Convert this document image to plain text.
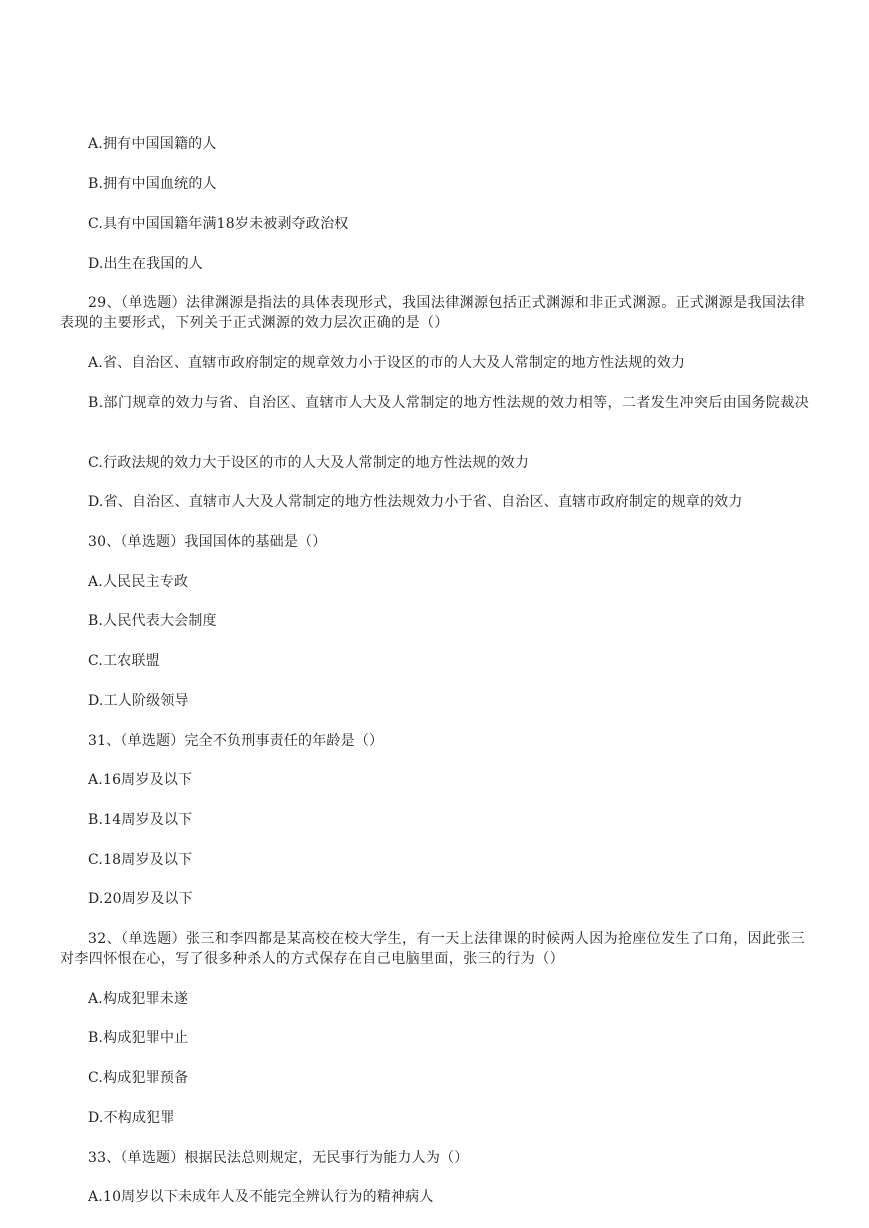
A.拥有中国国籍的人
B.拥有中国血统的人
C.具有中国国籍年满18岁未被剥夺政治权
D.出生在我国的人
29、（单选题）法律渊源是指法的具体表现形式，我国法律渊源包括正式渊源和非正式渊源。正式渊源是我国法律表现的主要形式，下列关于正式渊源的效力层次正确的是（）
A.省、自治区、直辖市政府制定的规章效力小于设区的市的人大及人常制定的地方性法规的效力
B.部门规章的效力与省、自治区、直辖市人大及人常制定的地方性法规的效力相等，二者发生冲突后由国务院裁决
C.行政法规的效力大于设区的市的人大及人常制定的地方性法规的效力
D.省、自治区、直辖市人大及人常制定的地方性法规效力小于省、自治区、直辖市政府制定的规章的效力
30、（单选题）我国国体的基础是（）
A.人民民主专政
B.人民代表大会制度
C.工农联盟
D.工人阶级领导
31、（单选题）完全不负刑事责任的年龄是（）
A.16周岁及以下
B.14周岁及以下
C.18周岁及以下
D.20周岁及以下
32、（单选题）张三和李四都是某高校在校大学生，有一天上法律课的时候两人因为抢座位发生了口角，因此张三对李四怀恨在心，写了很多种杀人的方式保存在自己电脑里面，张三的行为（）
A.构成犯罪未遂
B.构成犯罪中止
C.构成犯罪预备
D.不构成犯罪
33、（单选题）根据民法总则规定，无民事行为能力人为（）
A.10周岁以下未成年人及不能完全辨认行为的精神病人
